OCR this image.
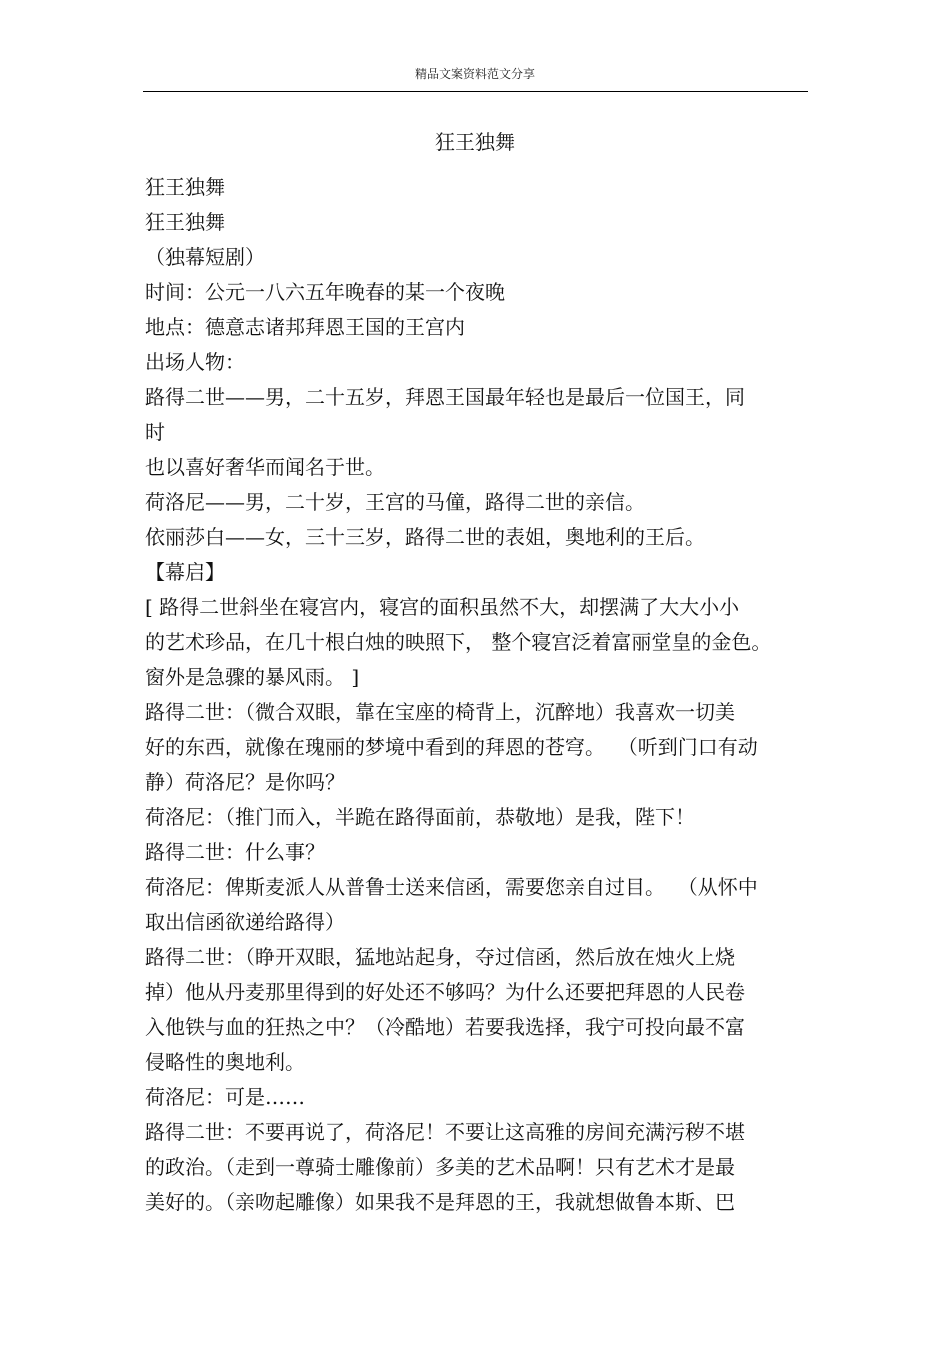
精品文案资料范文分享
狂王独舞
狂王独舞
狂王独舞
（独幕短剧）
时间：公元一八六五年晚春的某一个夜晚
地点：德意志诸邦拜恩王国的王宫内
出场人物：
路得二世——男，二十五岁，拜恩王国最年轻也是最后一位国王，同
时
也以喜好奢华而闻名于世。
荷洛尼——男，二十岁，王宫的马僮，路得二世的亲信。
依丽莎白——女，三十三岁，路得二世的表姐，奥地利的王后。
【幕启】
[ 路得二世斜坐在寝宫内，寝宫的面积虽然不大，却摆满了大大小小
的艺术珍品，在几十根白烛的映照下， 整个寝宫泛着富丽堂皇的金色。
窗外是急骤的暴风雨。 ]
路得二世：（微合双眼，靠在宝座的椅背上，沉醉地）我喜欢一切美
好的东西，就像在瑰丽的梦境中看到的拜恩的苍穹。  （听到门口有动
静）荷洛尼？是你吗？
荷洛尼：（推门而入，半跪在路得面前，恭敬地）是我，陛下！
路得二世：什么事？
荷洛尼：俾斯麦派人从普鲁士送来信函，需要您亲自过目。  （从怀中
取出信函欲递给路得）
路得二世：（睁开双眼，猛地站起身，夺过信函，然后放在烛火上烧
掉）他从丹麦那里得到的好处还不够吗？为什么还要把拜恩的人民卷
入他铁与血的狂热之中？（冷酷地）若要我选择，我宁可投向最不富
侵略性的奥地利。
荷洛尼：可是……
路得二世：不要再说了，荷洛尼！不要让这高雅的房间充满污秽不堪
的政治。（走到一尊骑士雕像前）多美的艺术品啊！只有艺术才是最
美好的。（亲吻起雕像）如果我不是拜恩的王，我就想做鲁本斯、巴
